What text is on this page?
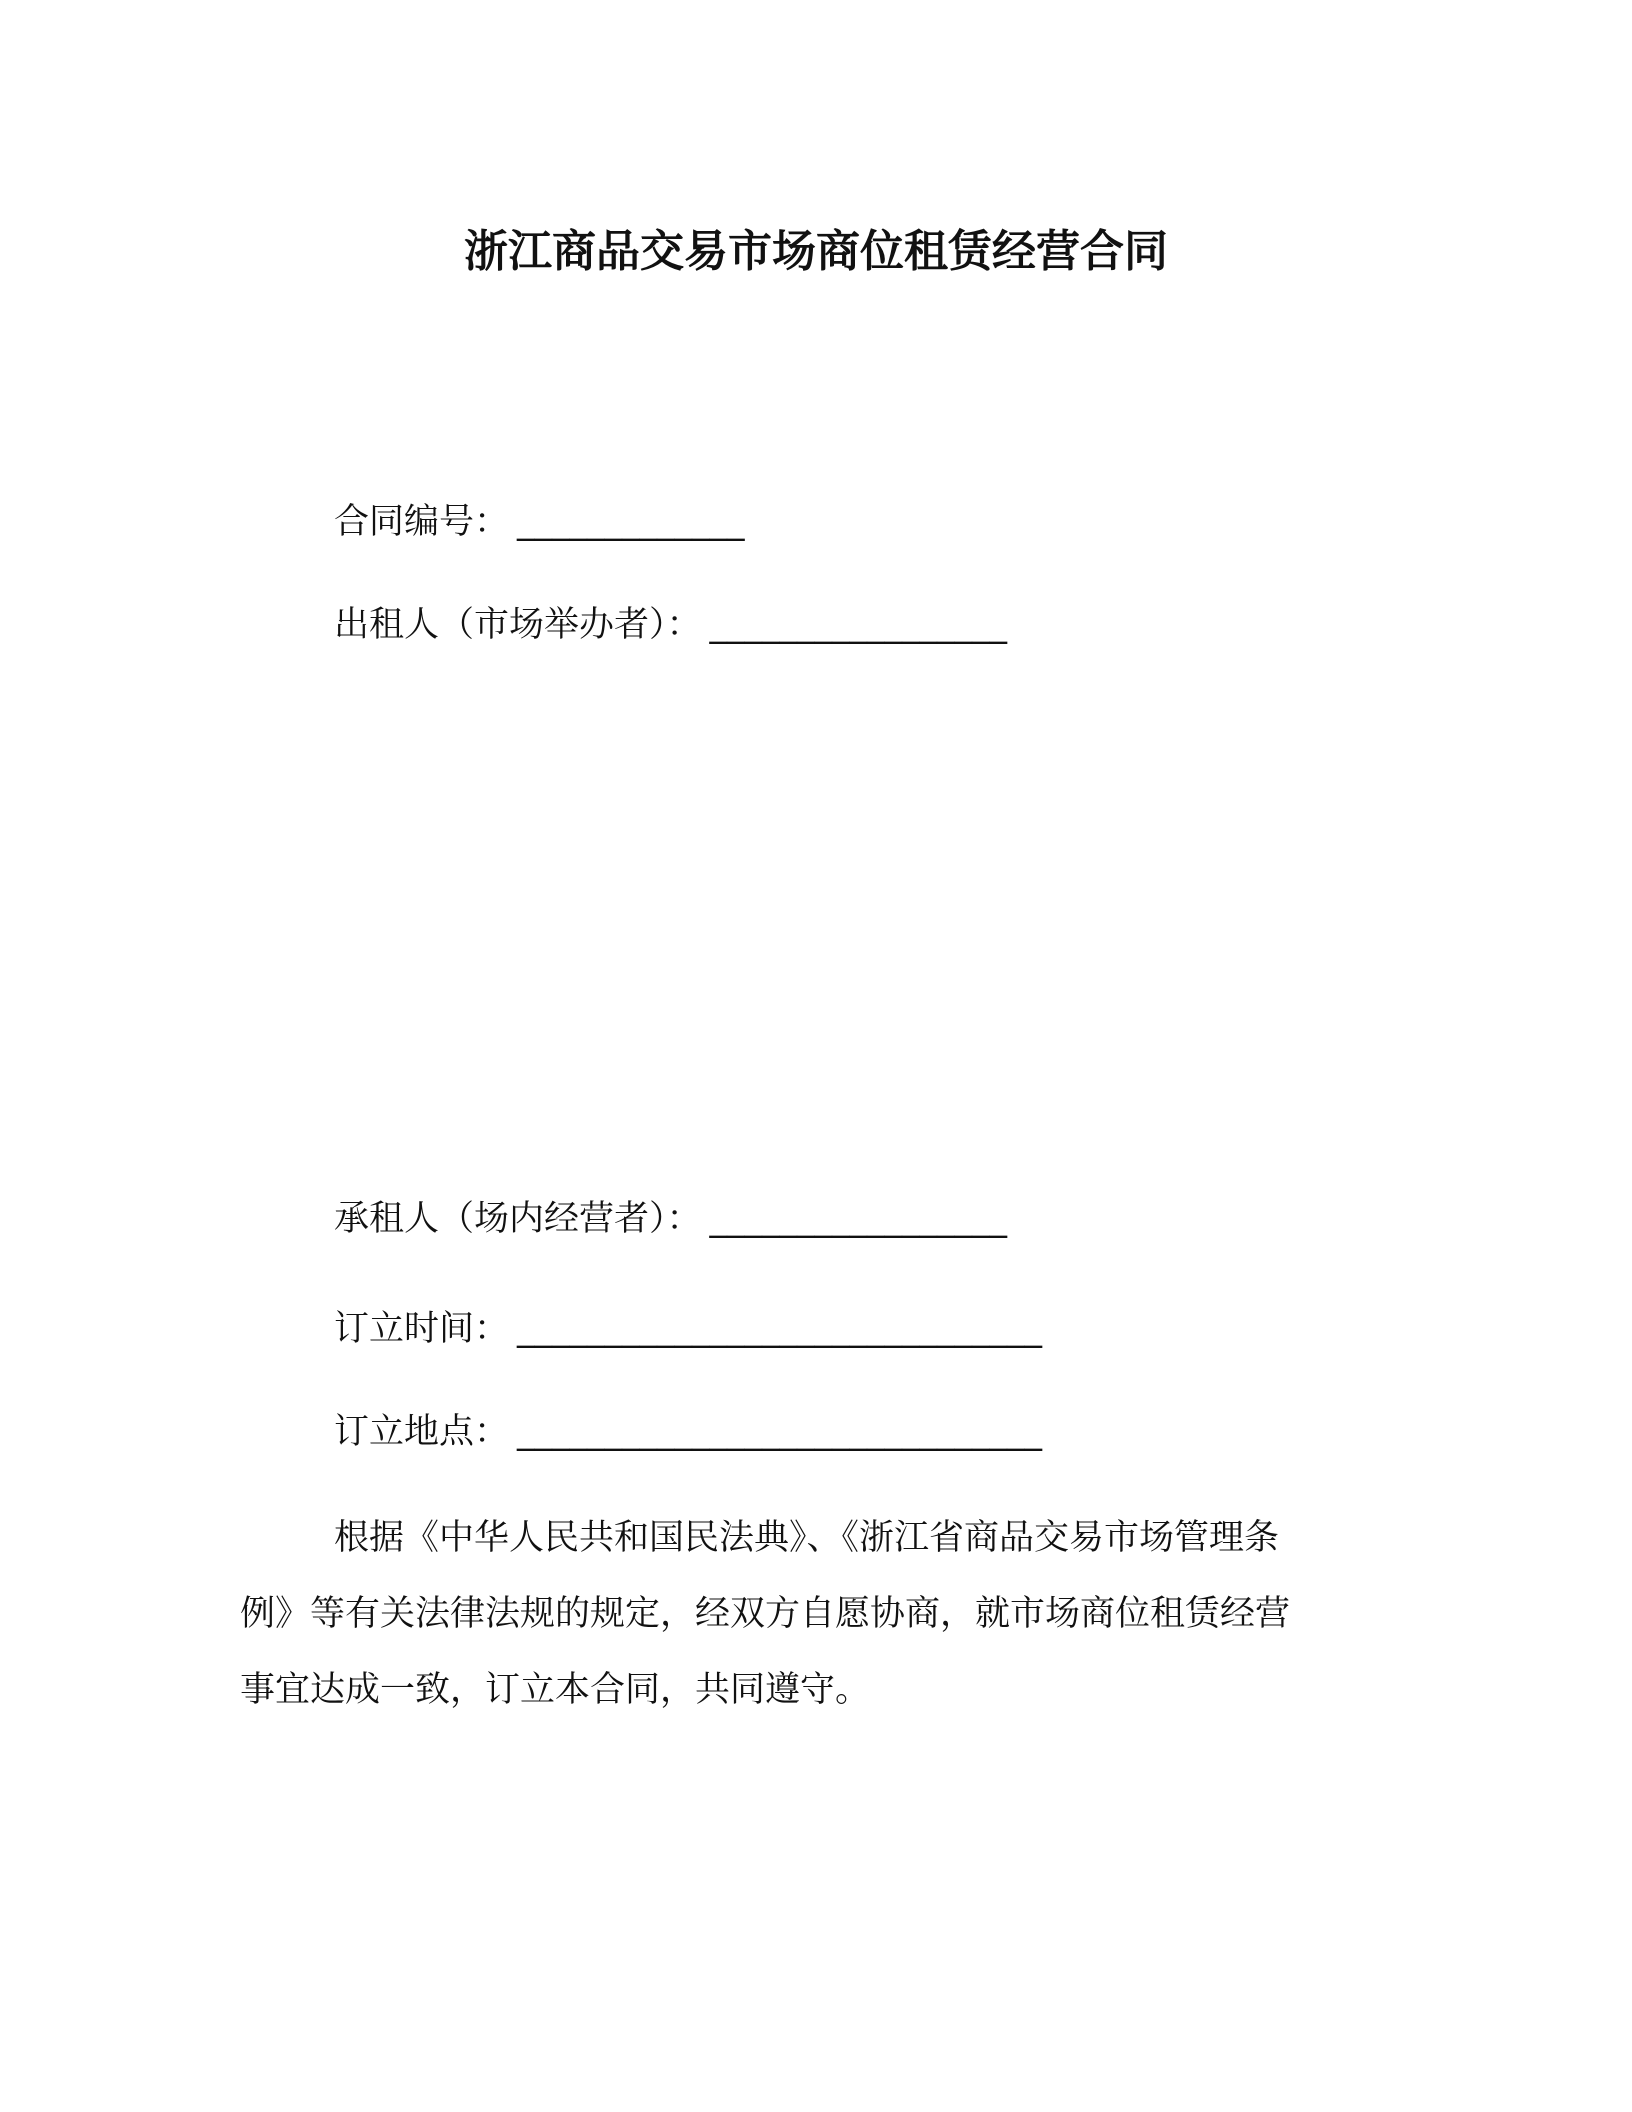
浙江商品交易市场商位租赁经营合同
合同编号： _____________
出租人（市场举办者）： _________________
承租人（场内经营者）： _________________
订立时间： ______________________________
订立地点： ______________________________
根据《中华人民共和国民法典》、《浙江省商品交易市场管理条
例》等有关法律法规的规定，经双方自愿协商，就市场商位租赁经营
事宜达成一致，订立本合同，共同遵守。
